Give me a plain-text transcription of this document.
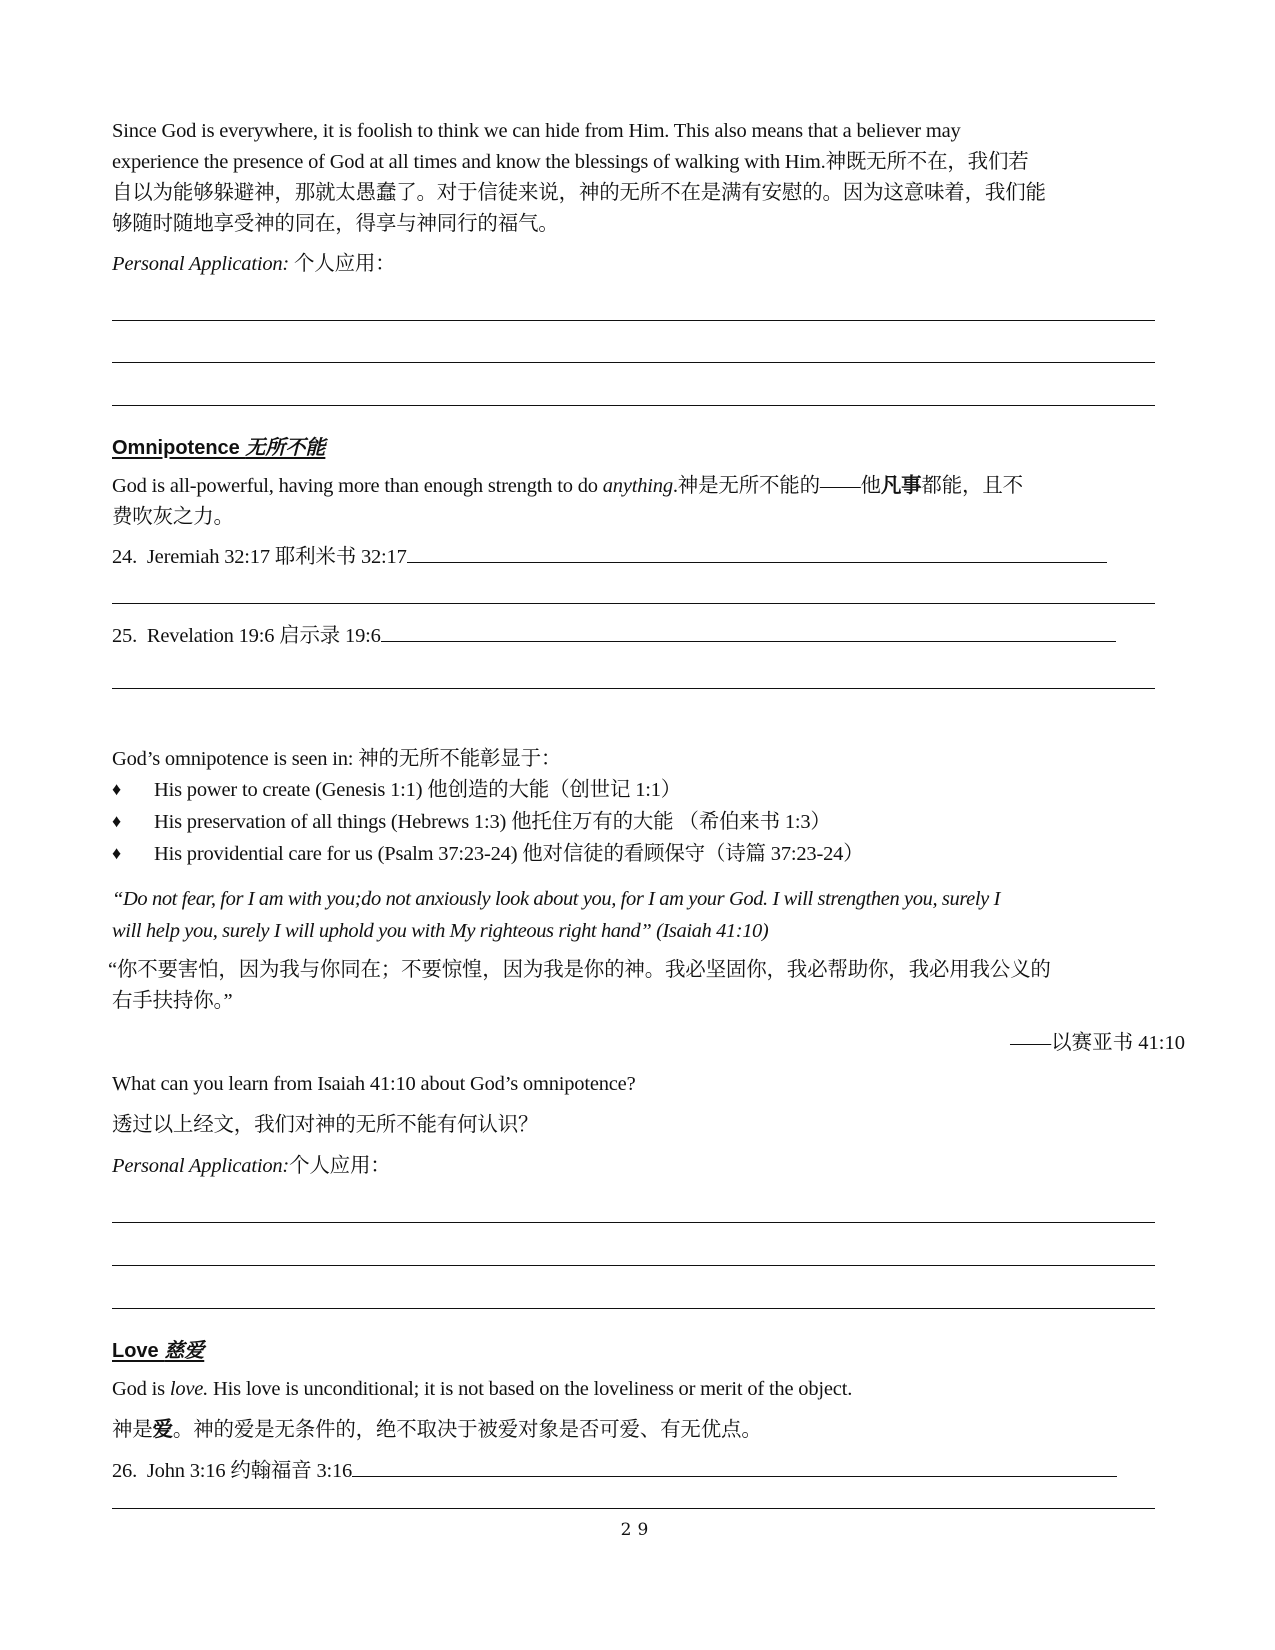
Since God is everywhere, it is foolish to think we can hide from Him. This also means that a believer may
experience the presence of God at all times and know the blessings of walking with Him.神既无所不在，我们若
自以为能够躲避神，那就太愚蠢了。对于信徒来说，神的无所不在是满有安慰的。因为这意味着，我们能
够随时随地享受神的同在，得享与神同行的福气。
Personal Application: 个人应用：
Omnipotence 无所不能
God is all-powerful, having more than enough strength to do anything.神是无所不能的——他凡事都能，且不
费吹灰之力。
24. Jeremiah 32:17 耶利米书 32:17
25. Revelation 19:6 启示录 19:6
God’s omnipotence is seen in: 神的无所不能彰显于：
♦ His power to create (Genesis 1:1) 他创造的大能（创世记 1:1）
♦ His preservation of all things (Hebrews 1:3) 他托住万有的大能 （希伯来书 1:3）
♦ His providential care for us (Psalm 37:23-24) 他对信徒的看顾保守（诗篇 37:23-24）
“Do not fear, for I am with you;do not anxiously look about you, for I am your God. I will strengthen you, surely I
will help you, surely I will uphold you with My righteous right hand” (Isaiah 41:10)
“你不要害怕，因为我与你同在；不要惊惶，因为我是你的神。我必坚固你，我必帮助你，我必用我公义的
右手扶持你。”
——以赛亚书 41:10
What can you learn from Isaiah 41:10 about God’s omnipotence?
透过以上经文，我们对神的无所不能有何认识？
Personal Application:个人应用：
Love 慈爱
God is love. His love is unconditional; it is not based on the loveliness or merit of the object.
神是爱。神的爱是无条件的，绝不取决于被爱对象是否可爱、有无优点。
26. John 3:16 约翰福音 3:16
29
